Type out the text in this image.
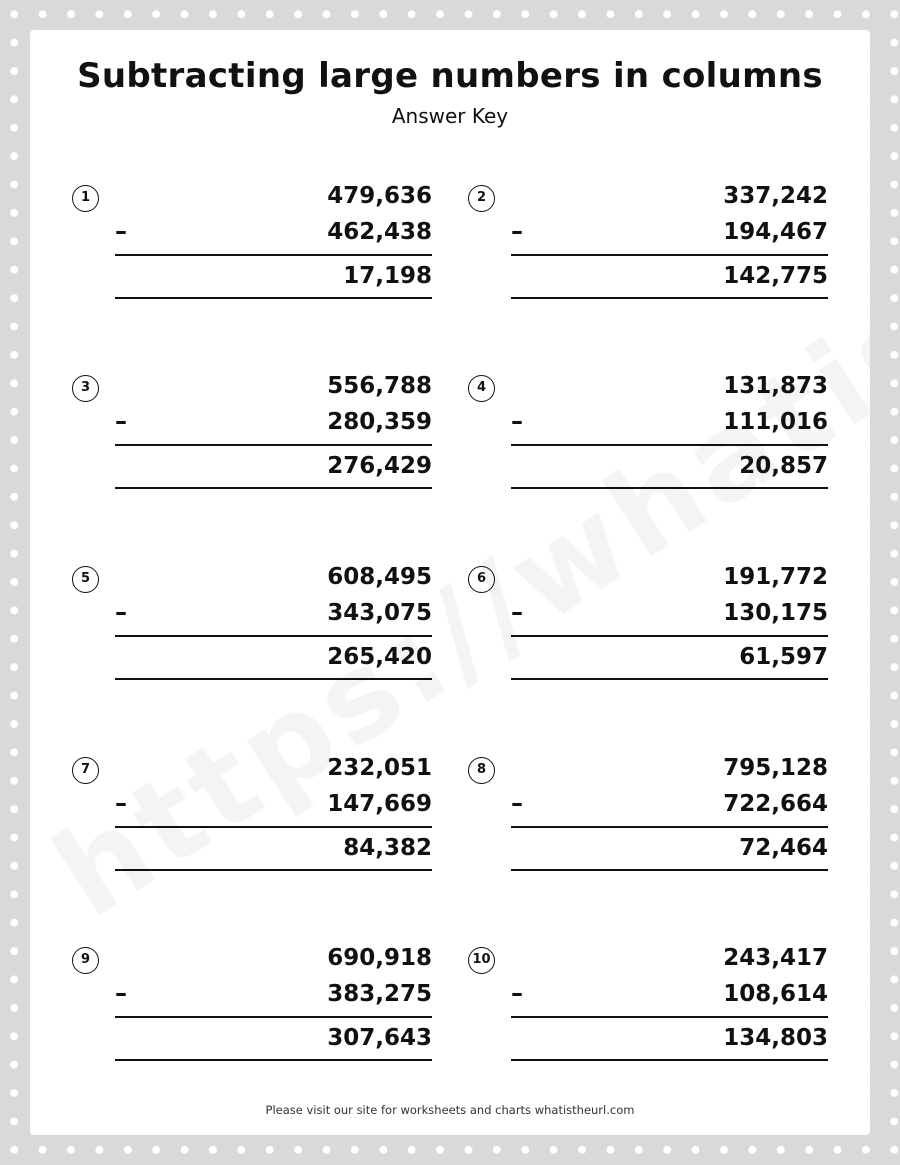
Subtracting large numbers in columns
Answer Key
1	479,636
–	462,438
17,198
2	337,242
–	194,467
142,775
3	556,788
–	280,359
276,429
4	131,873
–	111,016
20,857
5	608,495
–	343,075
265,420
6	191,772
–	130,175
61,597
7	232,051
–	147,669
84,382
8	795,128
–	722,664
72,464
9	690,918
–	383,275
307,643
10	243,417
–	108,614
134,803
Please visit our site for worksheets and charts whatistheurl.com
